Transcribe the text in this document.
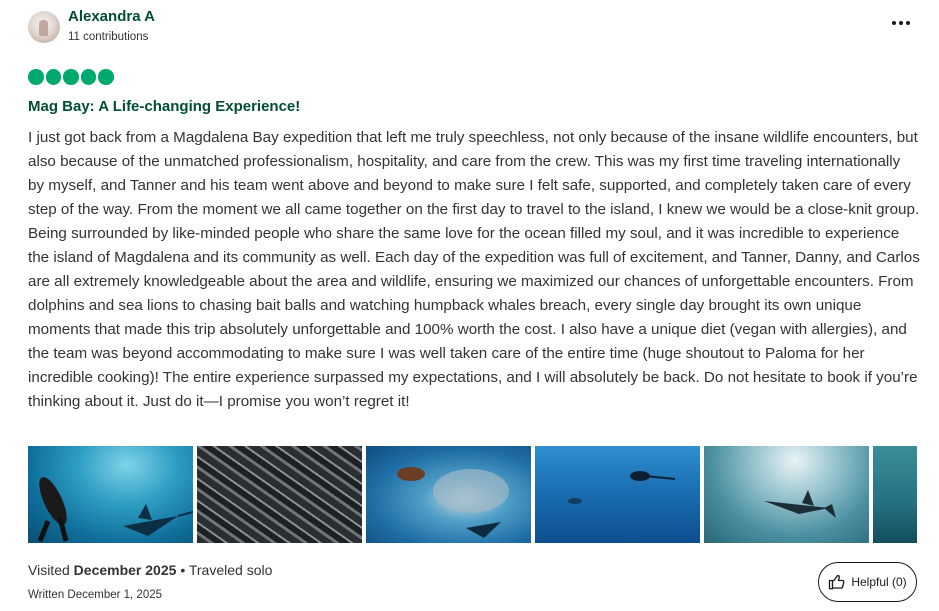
Alexandra A
11 contributions
Mag Bay: A Life-changing Experience!
I just got back from a Magdalena Bay expedition that left me truly speechless, not only because of the insane wildlife encounters, but also because of the unmatched professionalism, hospitality, and care from the crew. This was my first time traveling internationally by myself, and Tanner and his team went above and beyond to make sure I felt safe, supported, and completely taken care of every step of the way. From the moment we all came together on the first day to travel to the island, I knew we would be a close-knit group. Being surrounded by like-minded people who share the same love for the ocean filled my soul, and it was incredible to experience the island of Magdalena and its community as well. Each day of the expedition was full of excitement, and Tanner, Danny, and Carlos are all extremely knowledgeable about the area and wildlife, ensuring we maximized our chances of unforgettable encounters. From dolphins and sea lions to chasing bait balls and watching humpback whales breach, every single day brought its own unique moments that made this trip absolutely unforgettable and 100% worth the cost. I also have a unique diet (vegan with allergies), and the team was beyond accommodating to make sure I was well taken care of the entire time (huge shoutout to Paloma for her incredible cooking)! The entire experience surpassed my expectations, and I will absolutely be back. Do not hesitate to book if you’re thinking about it. Just do it—I promise you won’t regret it!
Visited December 2025 • Traveled solo
Written December 1, 2025
Helpful (0)
